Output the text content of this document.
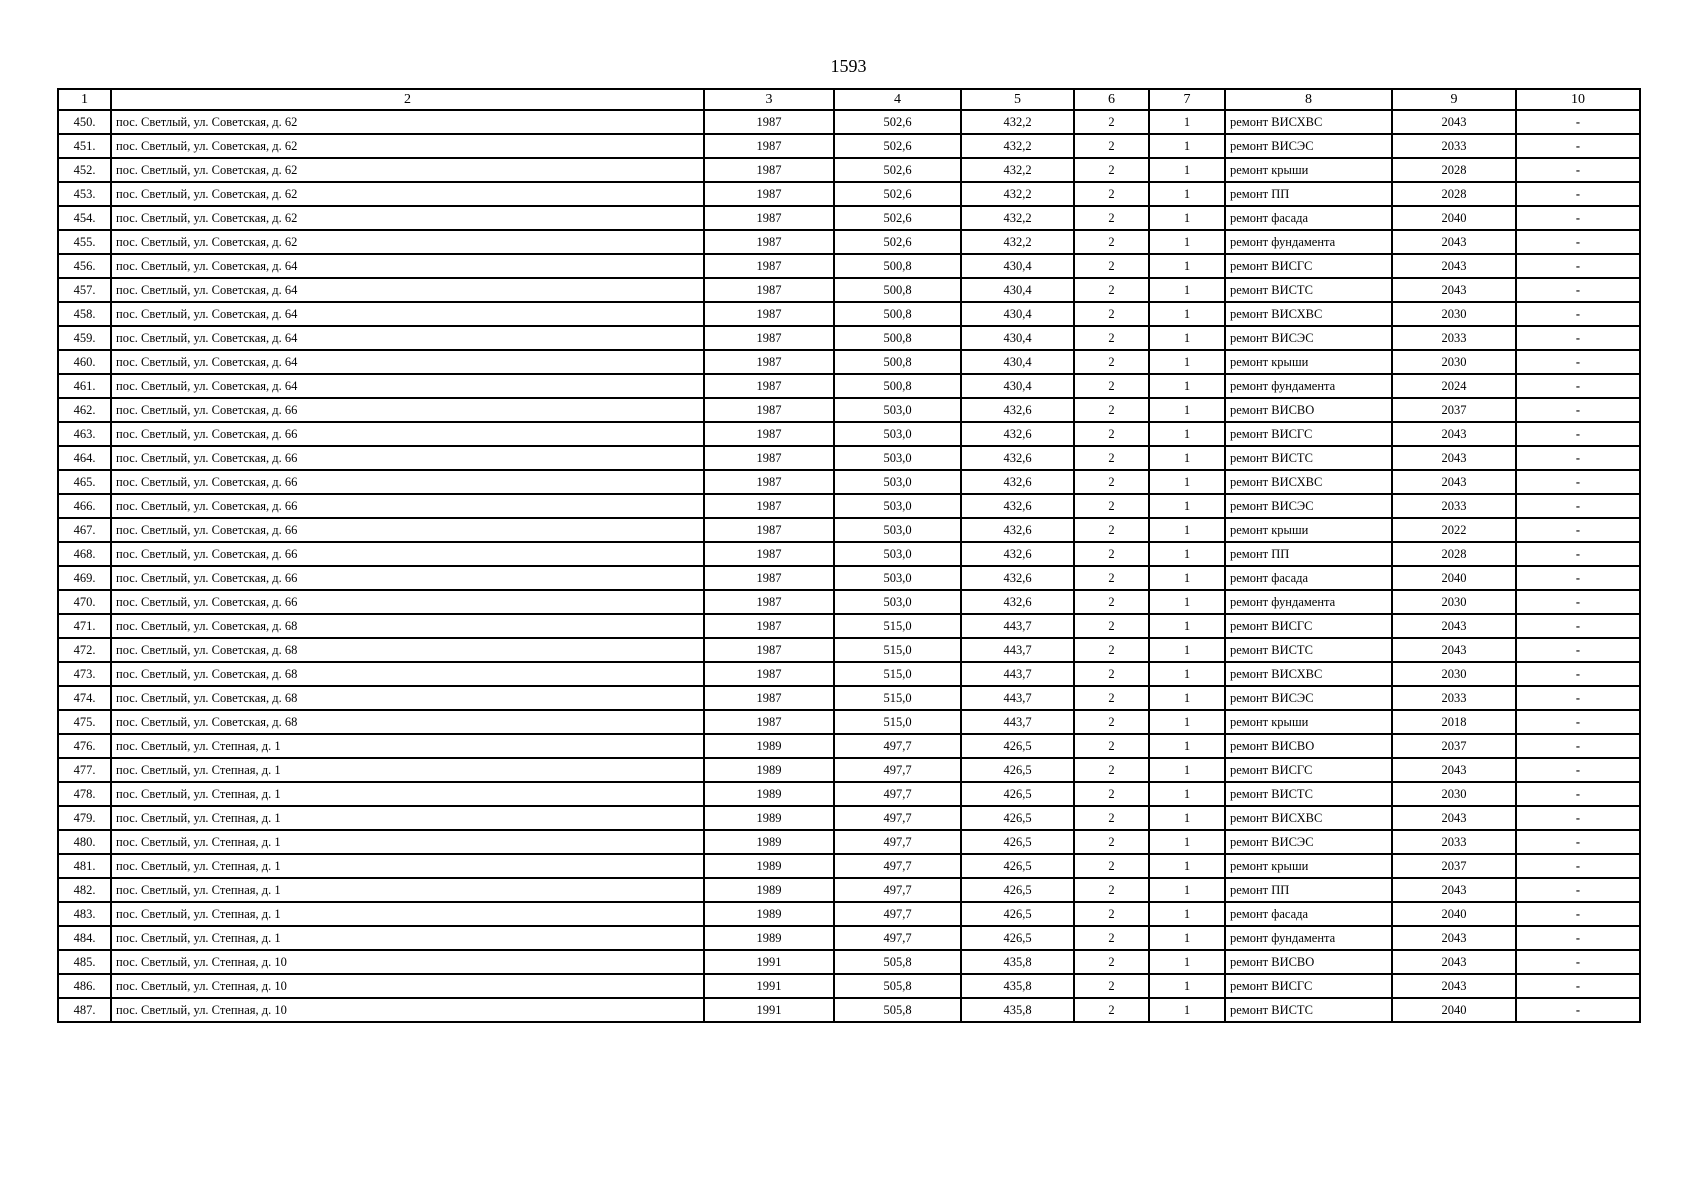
1593
1	2	3	4	5	6	7	8	9	10
450.	пос. Светлый, ул. Советская, д. 62	1987	502,6	432,2	2	1	ремонт ВИСХВС	2043	-
451.	пос. Светлый, ул. Советская, д. 62	1987	502,6	432,2	2	1	ремонт ВИСЭС	2033	-
452.	пос. Светлый, ул. Советская, д. 62	1987	502,6	432,2	2	1	ремонт крыши	2028	-
453.	пос. Светлый, ул. Советская, д. 62	1987	502,6	432,2	2	1	ремонт ПП	2028	-
454.	пос. Светлый, ул. Советская, д. 62	1987	502,6	432,2	2	1	ремонт фасада	2040	-
455.	пос. Светлый, ул. Советская, д. 62	1987	502,6	432,2	2	1	ремонт фундамента	2043	-
456.	пос. Светлый, ул. Советская, д. 64	1987	500,8	430,4	2	1	ремонт ВИСГС	2043	-
457.	пос. Светлый, ул. Советская, д. 64	1987	500,8	430,4	2	1	ремонт ВИСТС	2043	-
458.	пос. Светлый, ул. Советская, д. 64	1987	500,8	430,4	2	1	ремонт ВИСХВС	2030	-
459.	пос. Светлый, ул. Советская, д. 64	1987	500,8	430,4	2	1	ремонт ВИСЭС	2033	-
460.	пос. Светлый, ул. Советская, д. 64	1987	500,8	430,4	2	1	ремонт крыши	2030	-
461.	пос. Светлый, ул. Советская, д. 64	1987	500,8	430,4	2	1	ремонт фундамента	2024	-
462.	пос. Светлый, ул. Советская, д. 66	1987	503,0	432,6	2	1	ремонт ВИСВО	2037	-
463.	пос. Светлый, ул. Советская, д. 66	1987	503,0	432,6	2	1	ремонт ВИСГС	2043	-
464.	пос. Светлый, ул. Советская, д. 66	1987	503,0	432,6	2	1	ремонт ВИСТС	2043	-
465.	пос. Светлый, ул. Советская, д. 66	1987	503,0	432,6	2	1	ремонт ВИСХВС	2043	-
466.	пос. Светлый, ул. Советская, д. 66	1987	503,0	432,6	2	1	ремонт ВИСЭС	2033	-
467.	пос. Светлый, ул. Советская, д. 66	1987	503,0	432,6	2	1	ремонт крыши	2022	-
468.	пос. Светлый, ул. Советская, д. 66	1987	503,0	432,6	2	1	ремонт ПП	2028	-
469.	пос. Светлый, ул. Советская, д. 66	1987	503,0	432,6	2	1	ремонт фасада	2040	-
470.	пос. Светлый, ул. Советская, д. 66	1987	503,0	432,6	2	1	ремонт фундамента	2030	-
471.	пос. Светлый, ул. Советская, д. 68	1987	515,0	443,7	2	1	ремонт ВИСГС	2043	-
472.	пос. Светлый, ул. Советская, д. 68	1987	515,0	443,7	2	1	ремонт ВИСТС	2043	-
473.	пос. Светлый, ул. Советская, д. 68	1987	515,0	443,7	2	1	ремонт ВИСХВС	2030	-
474.	пос. Светлый, ул. Советская, д. 68	1987	515,0	443,7	2	1	ремонт ВИСЭС	2033	-
475.	пос. Светлый, ул. Советская, д. 68	1987	515,0	443,7	2	1	ремонт крыши	2018	-
476.	пос. Светлый, ул. Степная, д. 1	1989	497,7	426,5	2	1	ремонт ВИСВО	2037	-
477.	пос. Светлый, ул. Степная, д. 1	1989	497,7	426,5	2	1	ремонт ВИСГС	2043	-
478.	пос. Светлый, ул. Степная, д. 1	1989	497,7	426,5	2	1	ремонт ВИСТС	2030	-
479.	пос. Светлый, ул. Степная, д. 1	1989	497,7	426,5	2	1	ремонт ВИСХВС	2043	-
480.	пос. Светлый, ул. Степная, д. 1	1989	497,7	426,5	2	1	ремонт ВИСЭС	2033	-
481.	пос. Светлый, ул. Степная, д. 1	1989	497,7	426,5	2	1	ремонт крыши	2037	-
482.	пос. Светлый, ул. Степная, д. 1	1989	497,7	426,5	2	1	ремонт ПП	2043	-
483.	пос. Светлый, ул. Степная, д. 1	1989	497,7	426,5	2	1	ремонт фасада	2040	-
484.	пос. Светлый, ул. Степная, д. 1	1989	497,7	426,5	2	1	ремонт фундамента	2043	-
485.	пос. Светлый, ул. Степная, д. 10	1991	505,8	435,8	2	1	ремонт ВИСВО	2043	-
486.	пос. Светлый, ул. Степная, д. 10	1991	505,8	435,8	2	1	ремонт ВИСГС	2043	-
487.	пос. Светлый, ул. Степная, д. 10	1991	505,8	435,8	2	1	ремонт ВИСТС	2040	-
